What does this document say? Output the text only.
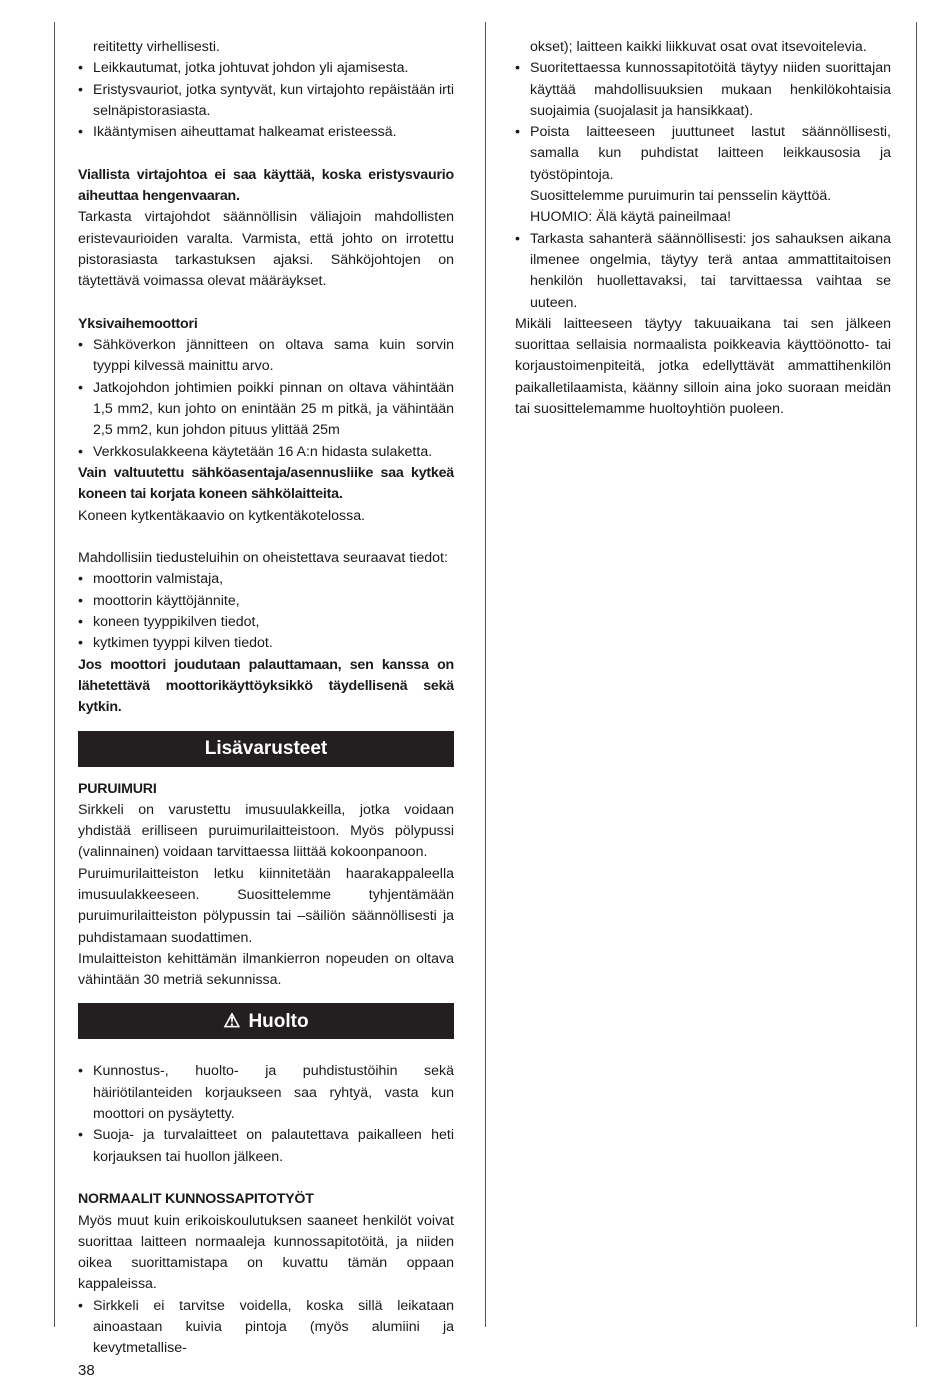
reititetty virhellisesti.

• Leikkautumat, jotka johtuvat johdon yli ajamisesta.
• Eristysvauriot, jotka syntyvät, kun virtajohto repäistään irti selnäpistorasiasta.
• Ikääntymisen aiheuttamat halkeamat eristeessä.

Viallista virtajohtoa ei saa käyttää, koska eristysvaurio aiheuttaa hengenvaaran.

Tarkasta virtajohdot säännöllisin väliajoin mahdollisten eristevaurioiden varalta. Varmista, että johto on irrotettu pistorasiasta tarkastuksen ajaksi. Sähköjohtojen on täytettävä voimassa olevat määräykset.

Yksivaihemoottori

• Sähköverkon jännitteen on oltava sama kuin sorvin tyyppi kilvessä mainittu arvo.
• Jatkojohdon johtimien poikki pinnan on oltava vähintään 1,5 mm2, kun johto on enintään 25 m pitkä, ja vähintään 2,5 mm2, kun johdon pituus ylittää 25m
• Verkkosulakkeena käytetään 16 A:n hidasta sulaketta.

Vain valtuutettu sähköasentaja/asennusliike saa kytkeä koneen tai korjata koneen sähkölaitteita.

Koneen kytkentäkaavio on kytkentäkotelossa.

Mahdollisiin tiedusteluihin on oheistettava seuraavat tiedot:

• moottorin valmistaja,
• moottorin käyttöjännite,
• koneen tyyppikilven tiedot,
• kytkimen tyyppi kilven tiedot.

Jos moottori joudutaan palauttamaan, sen kanssa on lähetettävä moottorikäyttöyksikkö täydellisenä sekä kytkin.

Lisävarusteet

PURUIMURI

Sirkkeli on varustettu imusuulakkeilla, jotka voidaan yhdistää erilliseen puruimurilaitteistoon. Myös pölypussi (valinnainen) voidaan tarvittaessa liittää kokoonpanoon.

Puruimurilaitteiston letku kiinnitetään haarakappaleella imusuulakkeeseen. Suosittelemme tyhjentämään puruimurilaitteiston pölypussin tai –säiliön säännöllisesti ja puhdistamaan suodattimen.

Imulaitteiston kehittämän ilmankierron nopeuden on oltava vähintään 30 metriä sekunnissa.

⚠ Huolto
• Kunnostus-, huolto- ja puhdistustöihin sekä häiriötilanteiden korjaukseen saa ryhtyä, vasta kun moottori on pysäytetty.
• Suoja- ja turvalaitteet on palautettava paikalleen heti korjauksen tai huollon jälkeen.

NORMAALIT KUNNOSSAPITOTYÖT

Myös muut kuin erikoiskoulutuksen saaneet henkilöt voivat suorittaa laitteen normaaleja kunnossapitotöitä, ja niiden oikea suorittamistapa on kuvattu tämän oppaan kappaleissa.

• Sirkkeli ei tarvitse voidella, koska sillä leikataan ainoastaan kuivia pintoja (myös alumiini ja kevytmetallise-

okset); laitteen kaikki liikkuvat osat ovat itsevoitelevia.

• Suoritettaessa kunnossapitotöitä täytyy niiden suorittajan käyttää mahdollisuuksien mukaan henkilökohtaisia suojaimia (suojalasit ja hansikkaat).
• Poista laitteeseen juuttuneet lastut säännöllisesti, samalla kun puhdistat laitteen leikkausosia ja työstöpintoja.

Suosittelemme puruimurin tai pensselin käyttöä.

HUOMIO: Älä käytä paineilmaa!

• Tarkasta sahanterä säännöllisesti: jos sahauksen aikana ilmenee ongelmia, täytyy terä antaa ammattitaitoisen henkilön huollettavaksi, tai tarvittaessa vaihtaa se uuteen.

Mikäli laitteeseen täytyy takuuaikana tai sen jälkeen suorittaa sellaisia normaalista poikkeavia käyttöönotto- tai korjaustoimenpiteitä, jotka edellyttävät ammattihenkilön paikalletilaamista, käänny silloin aina joko suoraan meidän tai suosittelemamme huoltoyhtiön puoleen.

38
